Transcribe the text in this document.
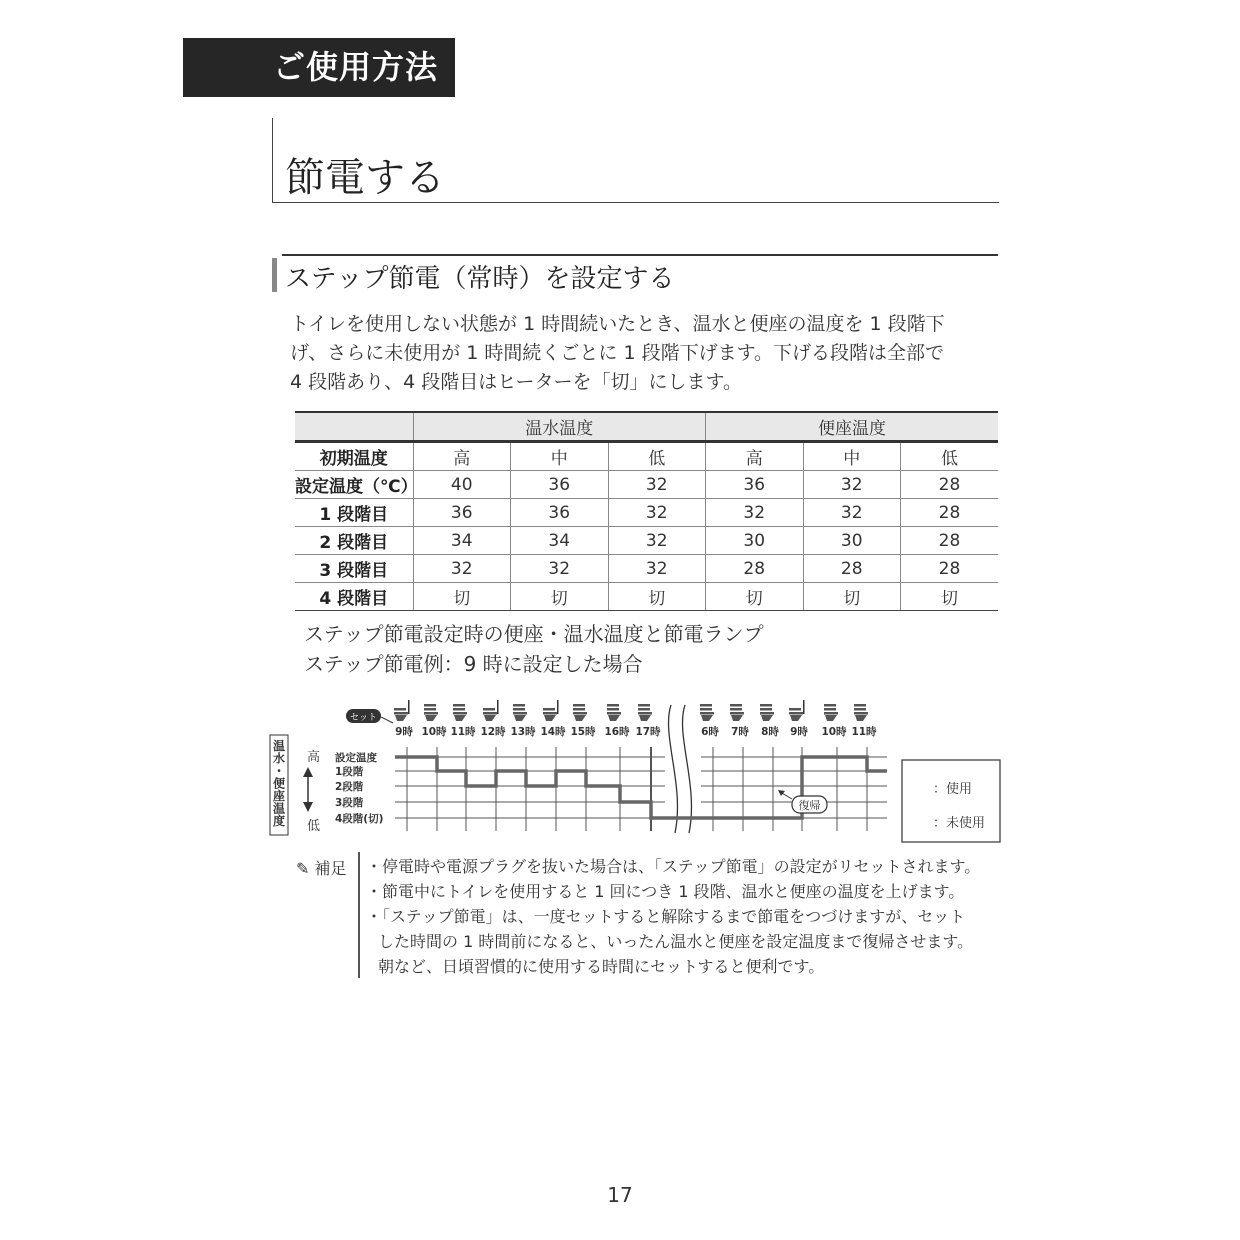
ご使用方法
節電する
ステップ節電（常時）を設定する
トイレを使用しない状態が 1 時間続いたとき、温水と便座の温度を 1 段階下
げ、さらに未使用が 1 時間続くごとに 1 段階下げます。下げる段階は全部で
4 段階あり、4 段階目はヒーターを「切」にします。
	温水温度			便座温度		
初期温度	高	中	低	高	中	低
設定温度（℃）	40	36	32	36	32	28
1 段階目	36	36	32	32	32	28
2 段階目	34	34	32	30	30	28
3 段階目	32	32	32	28	28	28
4 段階目	切	切	切	切	切	切
ステップ節電設定時の便座・温水温度と節電ランプ
ステップ節電例：9 時に設定した場合
温
水
・
便
座
温
度
高
低
設定温度
1段階
2段階
3段階
4段階(切)
9時 10時 11時 12時 13時 14時 15時 16時 17時	6時 7時 8時 9時 10時 11時
セット
復帰
：使用
：未使用
✎ 補足 ・停電時や電源プラグを抜いた場合は、「ステップ節電」の設定がリセットされます。
・節電中にトイレを使用すると 1 回につき 1 段階、温水と便座の温度を上げます。
・「ステップ節電」は、一度セットすると解除するまで節電をつづけますが、セット
した時間の 1 時間前になると、いったん温水と便座を設定温度まで復帰させます。
朝など、日頃習慣的に使用する時間にセットすると便利です。
17
